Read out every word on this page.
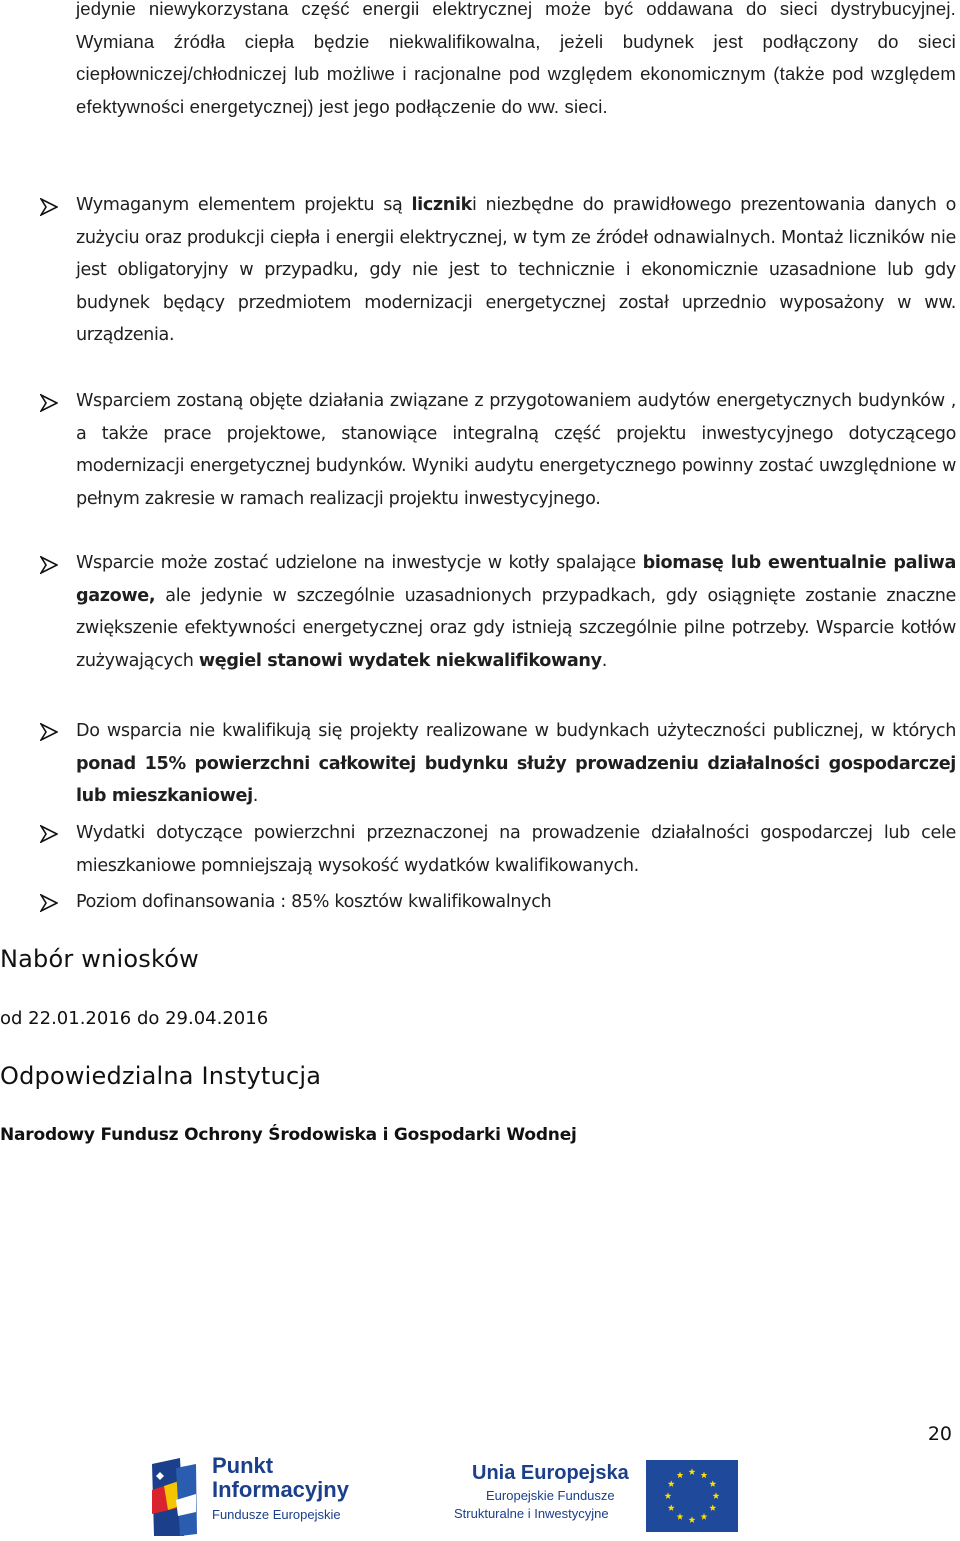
jedynie niewykorzystana część energii elektrycznej może być oddawana do sieci dystrybucyjnej. Wymiana źródła ciepła będzie niekwalifikowalna, jeżeli budynek jest podłączony do sieci ciepłowniczej/chłodniczej lub możliwe i racjonalne pod względem ekonomicznym (także pod względem efektywności energetycznej) jest jego podłączenie do ww. sieci.
Wymaganym elementem projektu są liczniki niezbędne do prawidłowego prezentowania danych o zużyciu oraz produkcji ciepła i energii elektrycznej, w tym ze źródeł odnawialnych. Montaż liczników nie jest obligatoryjny w przypadku, gdy nie jest to technicznie i ekonomicznie uzasadnione lub gdy budynek będący przedmiotem modernizacji energetycznej został uprzednio wyposażony w ww. urządzenia.
Wsparciem zostaną objęte działania związane z przygotowaniem audytów energetycznych budynków , a także prace projektowe, stanowiące integralną część projektu inwestycyjnego dotyczącego modernizacji energetycznej budynków. Wyniki audytu energetycznego powinny zostać uwzględnione w pełnym zakresie w ramach realizacji projektu inwestycyjnego.
Wsparcie może zostać udzielone na inwestycje w kotły spalające biomasę lub ewentualnie paliwa gazowe, ale jedynie w szczególnie uzasadnionych przypadkach, gdy osiągnięte zostanie znaczne zwiększenie efektywności energetycznej oraz gdy istnieją szczególnie pilne potrzeby. Wsparcie kotłów zużywających węgiel stanowi wydatek niekwalifikowany.
Do wsparcia nie kwalifikują się projekty realizowane w budynkach użyteczności publicznej, w których ponad 15% powierzchni całkowitej budynku służy prowadzeniu działalności gospodarczej lub mieszkaniowej.
Wydatki dotyczące powierzchni przeznaczonej na prowadzenie działalności gospodarczej lub cele mieszkaniowe pomniejszają wysokość wydatków kwalifikowanych.
Poziom dofinansowania : 85% kosztów kwalifikowalnych
Nabór wniosków
od 22.01.2016 do 29.04.2016
Odpowiedzialna Instytucja
Narodowy Fundusz Ochrony Środowiska i Gospodarki Wodnej
20
Punkt
Informacyjny
Fundusze Europejskie
Unia Europejska
Europejskie Fundusze
Strukturalne i Inwestycyjne
